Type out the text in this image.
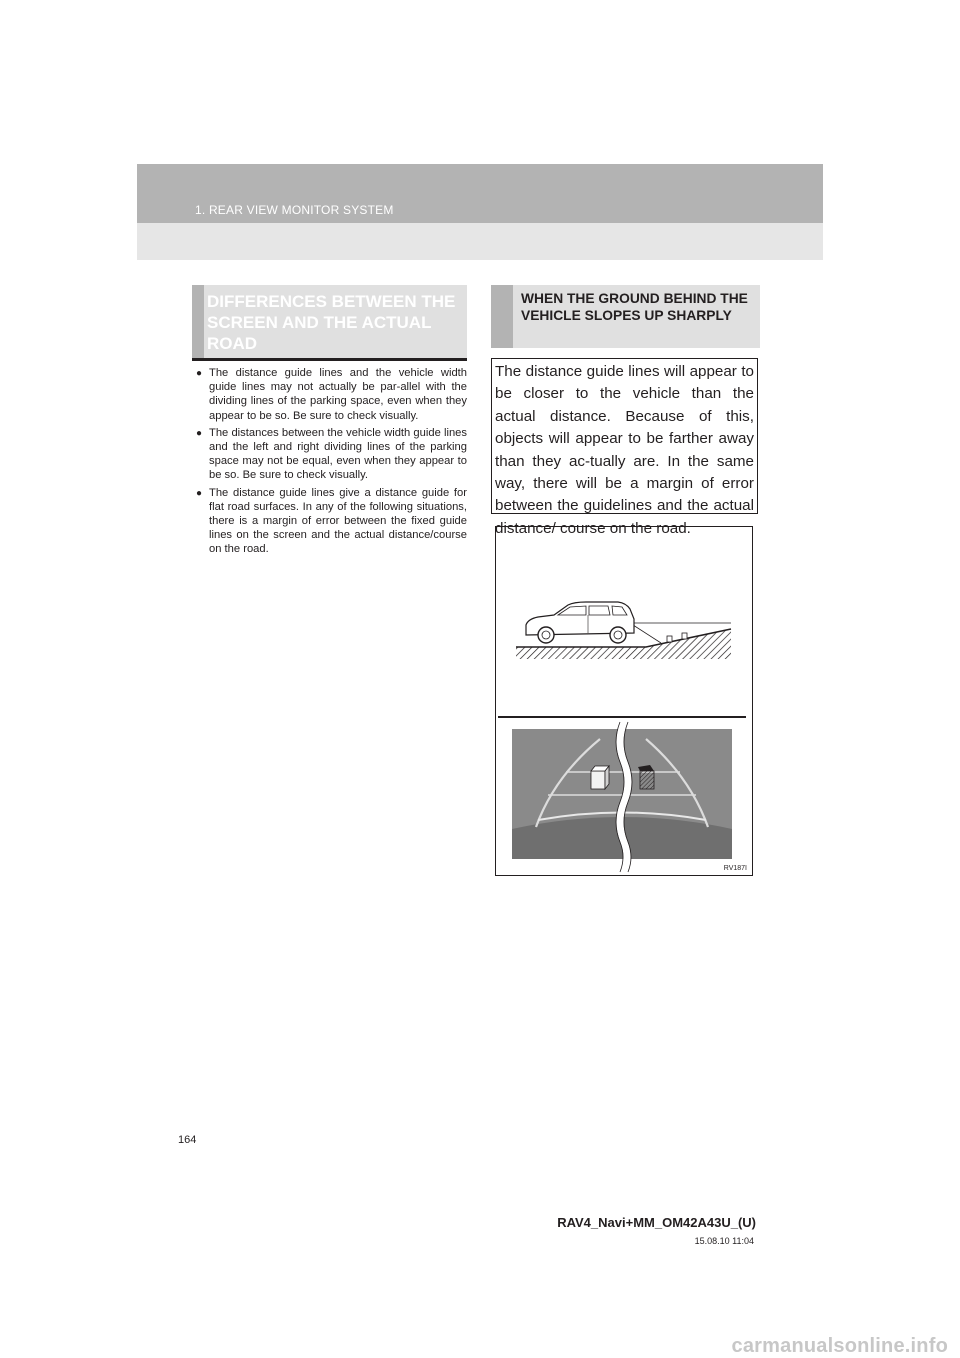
1. REAR VIEW MONITOR SYSTEM
DIFFERENCES BETWEEN THE SCREEN AND THE ACTUAL ROAD
● The distance guide lines and the vehicle width guide lines may not actually be par-allel with the dividing lines of the parking space, even when they appear to be so. Be sure to check visually.
● The distances between the vehicle width guide lines and the left and right dividing lines of the parking space may not be equal, even when they appear to be so. Be sure to check visually.
● The distance guide lines give a distance guide for flat road surfaces. In any of the following situations, there is a margin of error between the fixed guide lines on the screen and the actual distance/course on the road.
WHEN THE GROUND BEHIND THE VEHICLE SLOPES UP SHARPLY
The distance guide lines will appear to be closer to the vehicle than the actual distance. Because of this, objects will appear to be farther away than they ac-tually are. In the same way, there will be a margin of error between the guidelines and the actual distance/ course on the road.
RV187I
164
RAV4_Navi+MM_OM42A43U_(U)
15.08.10 11:04
carmanualsonline.info
